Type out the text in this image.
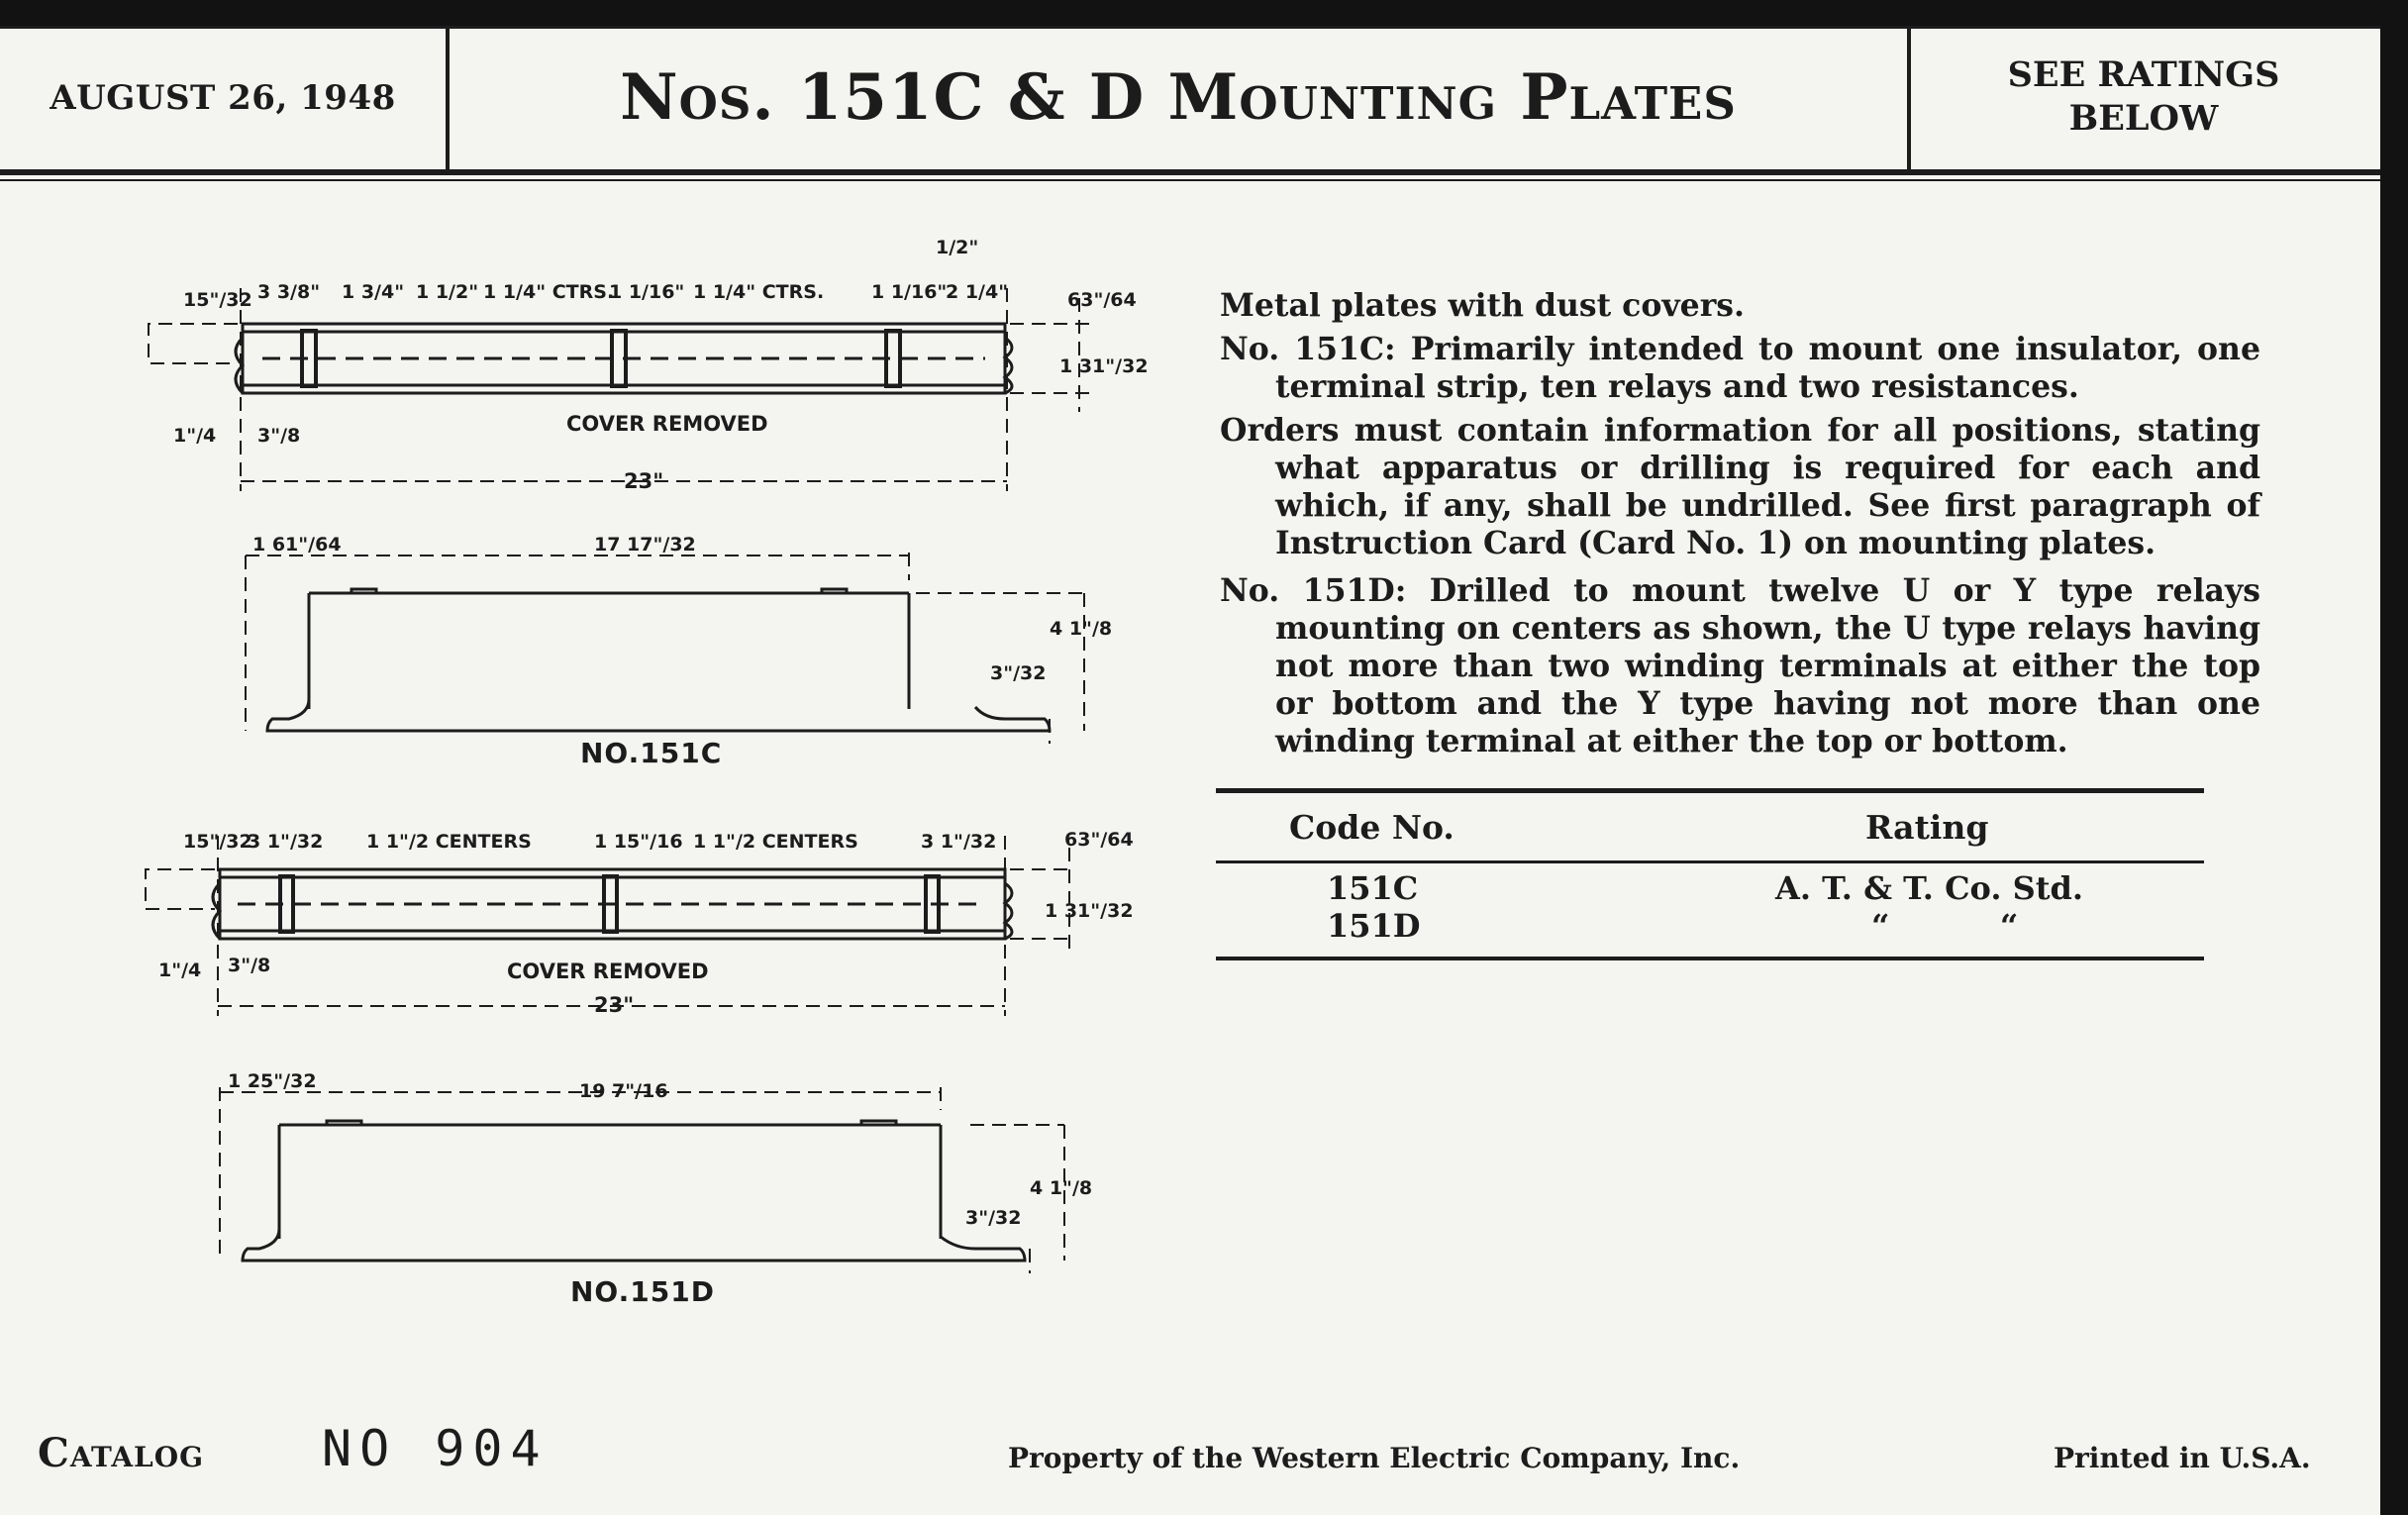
AUGUST 26, 1948	Nos. 151C & D Mounting Plates	SEE RATINGS
BELOW
Metal plates with dust covers.
No. 151C: Primarily intended to mount one insulator, one terminal strip, ten relays and two resistances.
Orders must contain information for all positions, stating what apparatus or drilling is required for each and which, if any, shall be undrilled. See first paragraph of Instruction Card (Card No. 1) on mounting plates.
No. 151D: Drilled to mount twelve U or Y type relays mounting on centers as shown, the U type relays having not more than two winding terminals at either the top or bottom and the Y type having not more than one winding terminal at either the top or bottom.
Code No.	Rating
151C	A. T. & T. Co. Std.
151D	“          “
15"/32 3 3/8" 1 3/4" 1 1/2" 1 1/4" CTRS.
1 1/16" 1 1/4" CTRS.	1 1/16"
2 1/4"
1/2"
63"/64
1 31"/32
1"/4 3"/8	COVER REMOVED
23"
1 61"/64	17 17"/32
4 1"/8
3"/32
15"/32
3 1"/32 1 1"/2 CENTERS	1 15"/16 1 1"/2 CENTERS	3 1"/32	63"/64
1 31"/32
1"/4 3"/8	COVER REMOVED
23"
1 25"/32	19 7"/16
4 1"/8
3"/32
NO.151C
NO.151D
Catalog NO 904	Property of the Western Electric Company, Inc.	Printed in U.S.A.
